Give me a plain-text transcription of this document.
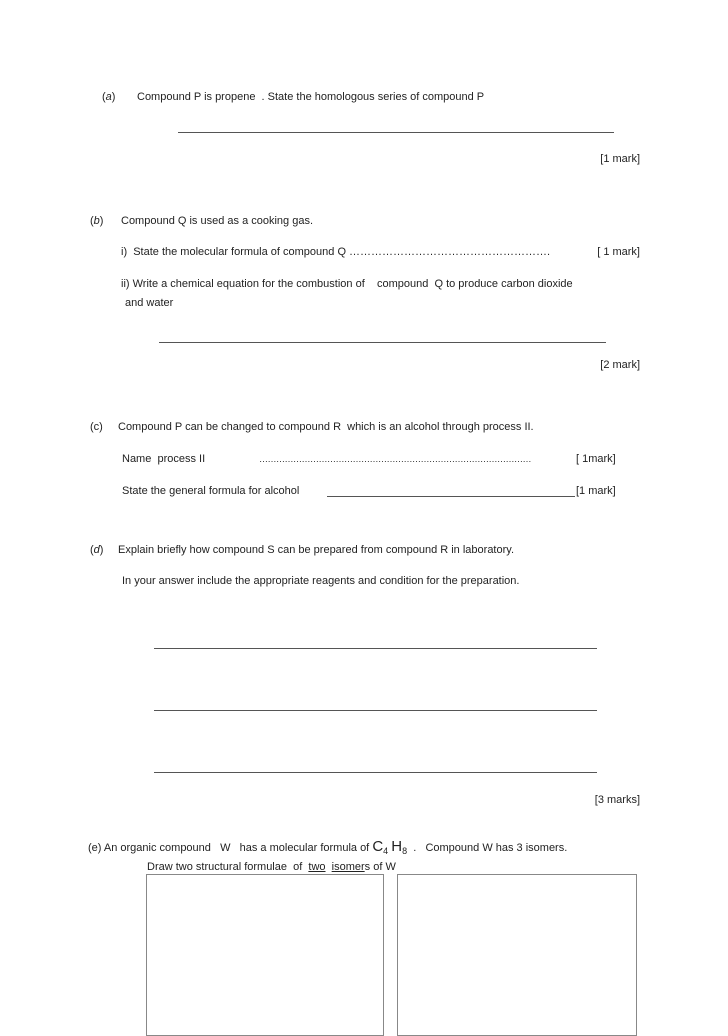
(a) Compound P is propene  . State the homologous series of compound P
[1 mark]
(b) Compound Q is used as a cooking gas.
i)  State the molecular formula of compound Q ……………………………………………….	[ 1 mark]
ii) Write a chemical equation for the combustion of    compound  Q to produce carbon dioxide
and water
[2 mark]
(c) Compound P can be changed to compound R  which is an alcohol through process II.
Name  process II	……………………………………………………………………………………	[ 1mark]
State the general formula for alcohol	[1 mark]
(d) Explain briefly how compound S can be prepared from compound R in laboratory.
In your answer include the appropriate reagents and condition for the preparation.
[3 marks]

(e) An organic compound   W   has a molecular formula of $C_4$ $H_8$ .   Compound W has 3 isomers.

Draw two structural formulae  of  two isomers of W
